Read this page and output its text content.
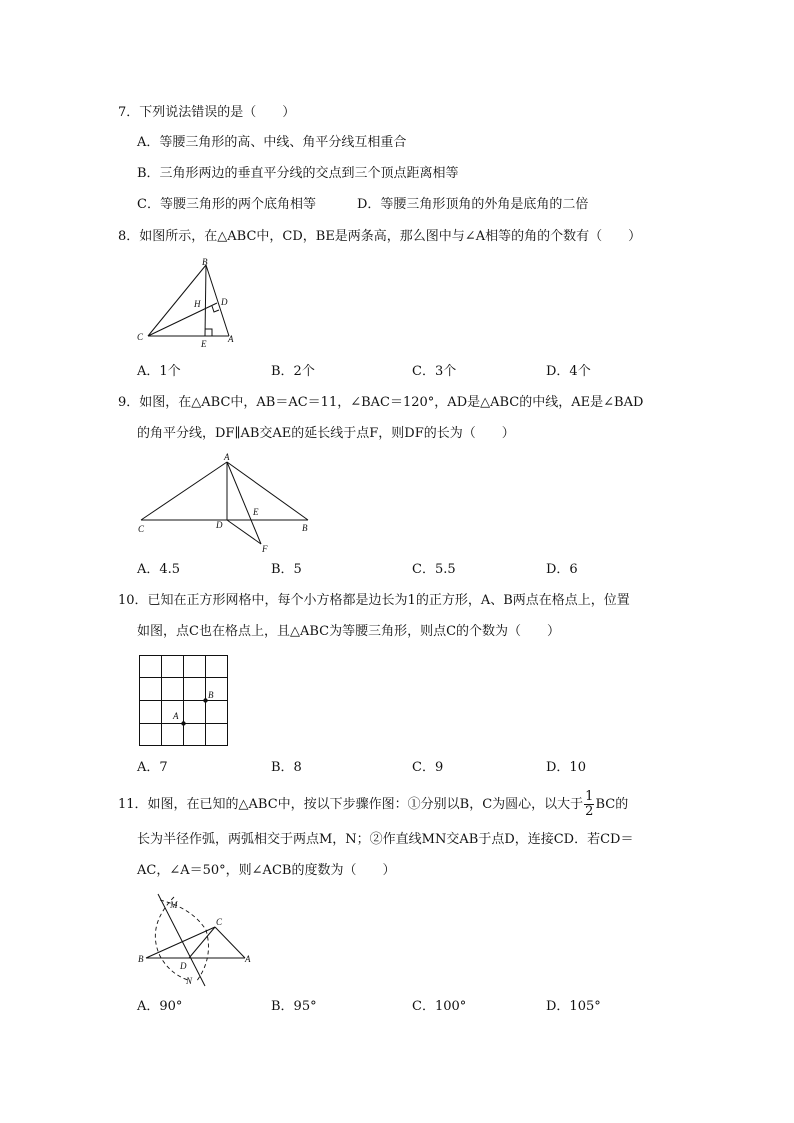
7．下列说法错误的是（　　）
A．等腰三角形的高、中线、角平分线互相重合
B．三角形两边的垂直平分线的交点到三个顶点距离相等
C．等腰三角形的两个底角相等	D．等腰三角形顶角的外角是底角的二倍
8．如图所示，在△ABC中，CD，BE是两条高，那么图中与∠A相等的角的个数有（　　）
B
H D
C
E A
A．1个	B．2个	C．3个	D．4个
9．如图，在△ABC中，AB＝AC＝11，∠BAC＝120°，AD是△ABC的中线，AE是∠BAD
的角平分线，DF∥AB交AE的延长线于点F，则DF的长为（　　）
A
C	D
E
B
F
A．4.5	B．5	C．5.5	D．6
10．已知在正方形网格中，每个小方格都是边长为1的正方形，A、B两点在格点上，位置
如图，点C也在格点上，且△ABC为等腰三角形，则点C的个数为（　　）
B
A
A．7	B．8	C．9	D．10
11．如图，在已知的△ABC中，按以下步骤作图：①分别以B，C为圆心，以大于 $\frac{1}{2}$ BC的
长为半径作弧，两弧相交于两点M，N；②作直线MN交AB于点D，连接CD．若CD＝
AC，∠A＝50°，则∠ACB的度数为（　　）
M
C
B
D
A
N
A．90°	B．95°	C．100°	D．105°
